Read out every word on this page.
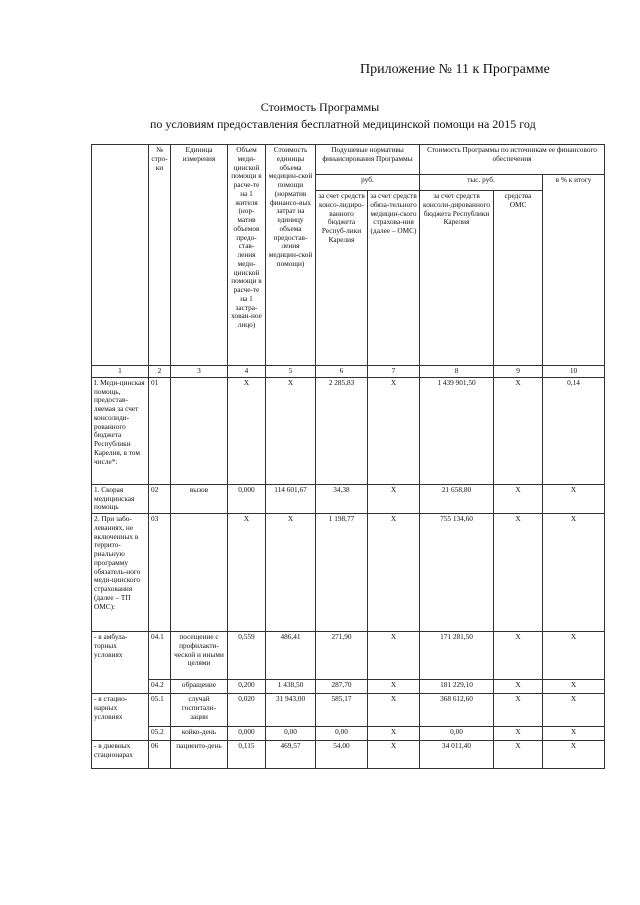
Приложение № 11 к Программе
Стоимость Программы
по условиям предоставления бесплатной медицинской помощи на 2015 год
	№ стро-ки	Единица измерения	Объем меди-цинской помощи в расче-те на 1 жителя (нор-матив объемов предо-став-ления меди-цинской помощи в расче-те на 1 застра-хован-ное лицо)	Стоимость единицы объема медицин-ской помощи (норматив финансо-вых затрат на единицу объема предостав-ления медицин-ской помощи)	Подушевые нормативы финансирования Программы		Стоимость Программы по источникам ее финансового обеспечения		
					руб.		тыс. руб.		в % к итогу
					за счет средств консо-лидиро-ванного бюджета Респуб-лики Карелия	за счет средств обяза-тельного медицин-ского страхова-ния (далее – ОМС)	за счет средств консоли-дированного бюджета Республики Карелия	средства ОМС	
1	2	3	4	5	6	7	8	9	10
I. Меди-цинская помощь, предостав-ляемая за счет консолиди-рованного бюджета Республики Карелия, в том числе*:	01		Х	Х	2 285,83	Х	1 439 901,50	Х	0,14
1. Скорая медицинская помощь	02	вызов	0,000	114 601,67	34,38	Х	21 658,80	Х	Х
2. При забо-леваниях, не включенных в террито-риальную программу обязатель-ного меди-цинского страхования (далее – ТП ОМС):	03		Х	Х	1 198,77	Х	755 134,60	Х	Х
- в амбула-торных условиях	04.1	посещение с профилакти-ческой и иными целями	0,559	486,41	271,90	Х	171 281,50	Х	Х
	04.2	обращение	0,200	1 438,50	287,70	Х	181 229,10	Х	Х
- в стацио-нарных условиях	05.1	случай госпитали-зации	0,020	31 943,00	585,17	Х	368 612,60	Х	Х
	05.2	койко-день	0,000	0,00	0,00	Х	0,00	Х	Х
- в дневных стационарах	06	пациенто-день	0,115	469,57	54,00	Х	34 011,40	Х	Х
